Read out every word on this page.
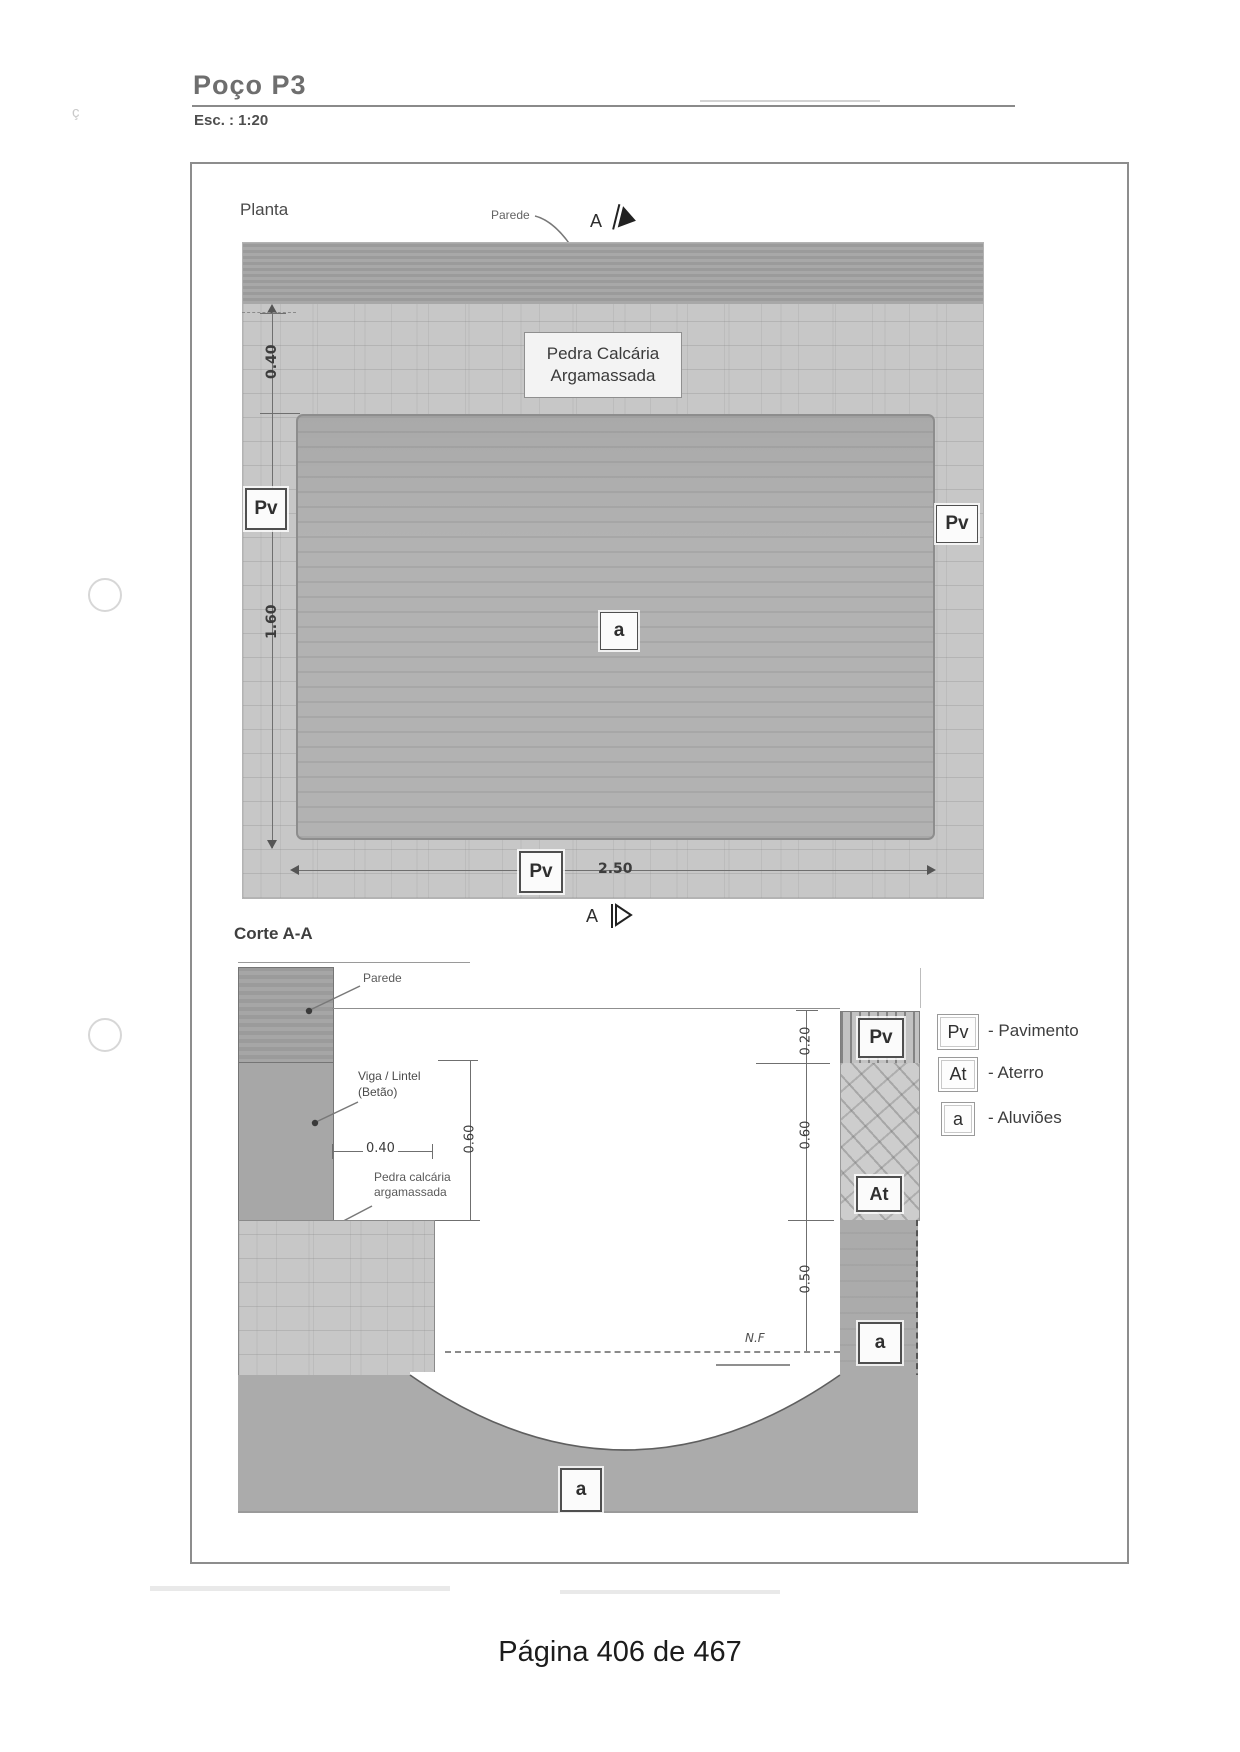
ç
Poço P3
Esc. : 1:20
Planta	Parede	A
Pedra Calcária
Argamassada
0.40
1.60
Pv
Pv
a
Pv	2.50
A
Corte A-A
Parede
Viga / Lintel
(Betão)
0.40	0.60
Pedra calcária
argamassada
Pv
At
a
0.20
0.60
0.50
N.F
a
Pv - Pavimento
At - Aterro
a - Aluviões
Página 406 de 467
